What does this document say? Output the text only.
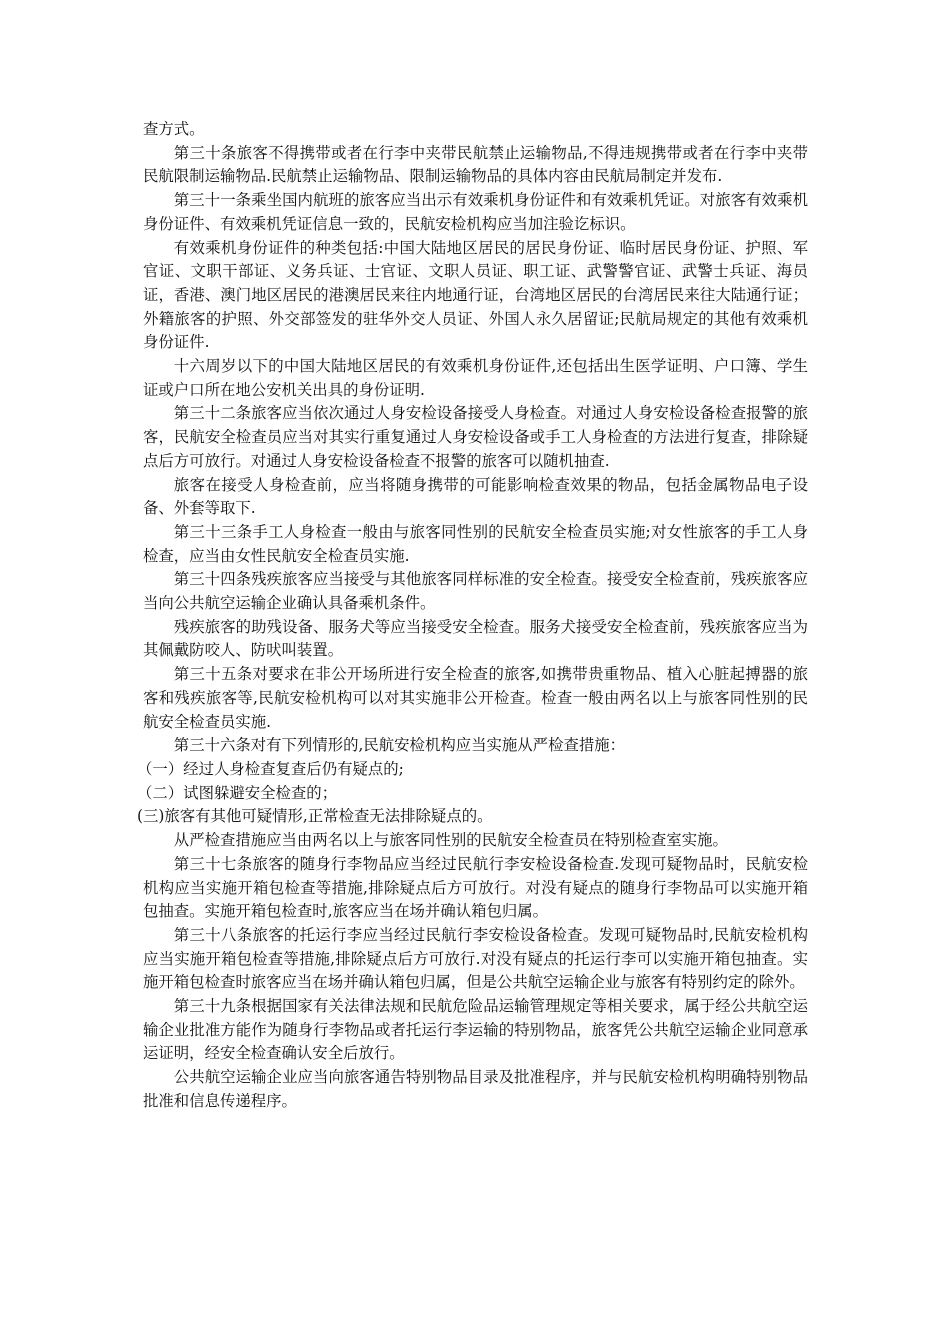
查方式。

第三十条旅客不得携带或者在行李中夹带民航禁止运输物品,不得违规携带或者在行李中夹带民航限制运输物品.民航禁止运输物品、限制运输物品的具体内容由民航局制定并发布.

第三十一条乘坐国内航班的旅客应当出示有效乘机身份证件和有效乘机凭证。对旅客有效乘机身份证件、有效乘机凭证信息一致的，民航安检机构应当加注验讫标识。

有效乘机身份证件的种类包括:中国大陆地区居民的居民身份证、临时居民身份证、护照、军官证、文职干部证、义务兵证、士官证、文职人员证、职工证、武警警官证、武警士兵证、海员证，香港、澳门地区居民的港澳居民来往内地通行证，台湾地区居民的台湾居民来往大陆通行证；外籍旅客的护照、外交部签发的驻华外交人员证、外国人永久居留证;民航局规定的其他有效乘机身份证件.

十六周岁以下的中国大陆地区居民的有效乘机身份证件,还包括出生医学证明、户口簿、学生证或户口所在地公安机关出具的身份证明.

第三十二条旅客应当依次通过人身安检设备接受人身检查。对通过人身安检设备检查报警的旅客，民航安全检查员应当对其实行重复通过人身安检设备或手工人身检查的方法进行复查，排除疑点后方可放行。对通过人身安检设备检查不报警的旅客可以随机抽查.

旅客在接受人身检查前，应当将随身携带的可能影响检查效果的物品，包括金属物品电子设备、外套等取下.

第三十三条手工人身检查一般由与旅客同性别的民航安全检查员实施;对女性旅客的手工人身检查，应当由女性民航安全检查员实施.

第三十四条残疾旅客应当接受与其他旅客同样标准的安全检查。接受安全检查前，残疾旅客应当向公共航空运输企业确认具备乘机条件。

残疾旅客的助残设备、服务犬等应当接受安全检查。服务犬接受安全检查前，残疾旅客应当为其佩戴防咬人、防吠叫装置。

第三十五条对要求在非公开场所进行安全检查的旅客,如携带贵重物品、植入心脏起搏器的旅客和残疾旅客等,民航安检机构可以对其实施非公开检查。检查一般由两名以上与旅客同性别的民航安全检查员实施.

第三十六条对有下列情形的,民航安检机构应当实施从严检查措施：

（一）经过人身检查复查后仍有疑点的;

（二）试图躲避安全检查的；

(三)旅客有其他可疑情形,正常检查无法排除疑点的。

从严检查措施应当由两名以上与旅客同性别的民航安全检查员在特别检查室实施。

第三十七条旅客的随身行李物品应当经过民航行李安检设备检查.发现可疑物品时，民航安检机构应当实施开箱包检查等措施,排除疑点后方可放行。对没有疑点的随身行李物品可以实施开箱包抽查。实施开箱包检查时,旅客应当在场并确认箱包归属。

第三十八条旅客的托运行李应当经过民航行李安检设备检查。发现可疑物品时,民航安检机构应当实施开箱包检查等措施,排除疑点后方可放行.对没有疑点的托运行李可以实施开箱包抽查。实施开箱包检查时旅客应当在场并确认箱包归属，但是公共航空运输企业与旅客有特别约定的除外。

第三十九条根据国家有关法律法规和民航危险品运输管理规定等相关要求，属于经公共航空运输企业批准方能作为随身行李物品或者托运行李运输的特别物品，旅客凭公共航空运输企业同意承运证明，经安全检查确认安全后放行。

公共航空运输企业应当向旅客通告特别物品目录及批准程序，并与民航安检机构明确特别物品批准和信息传递程序。
